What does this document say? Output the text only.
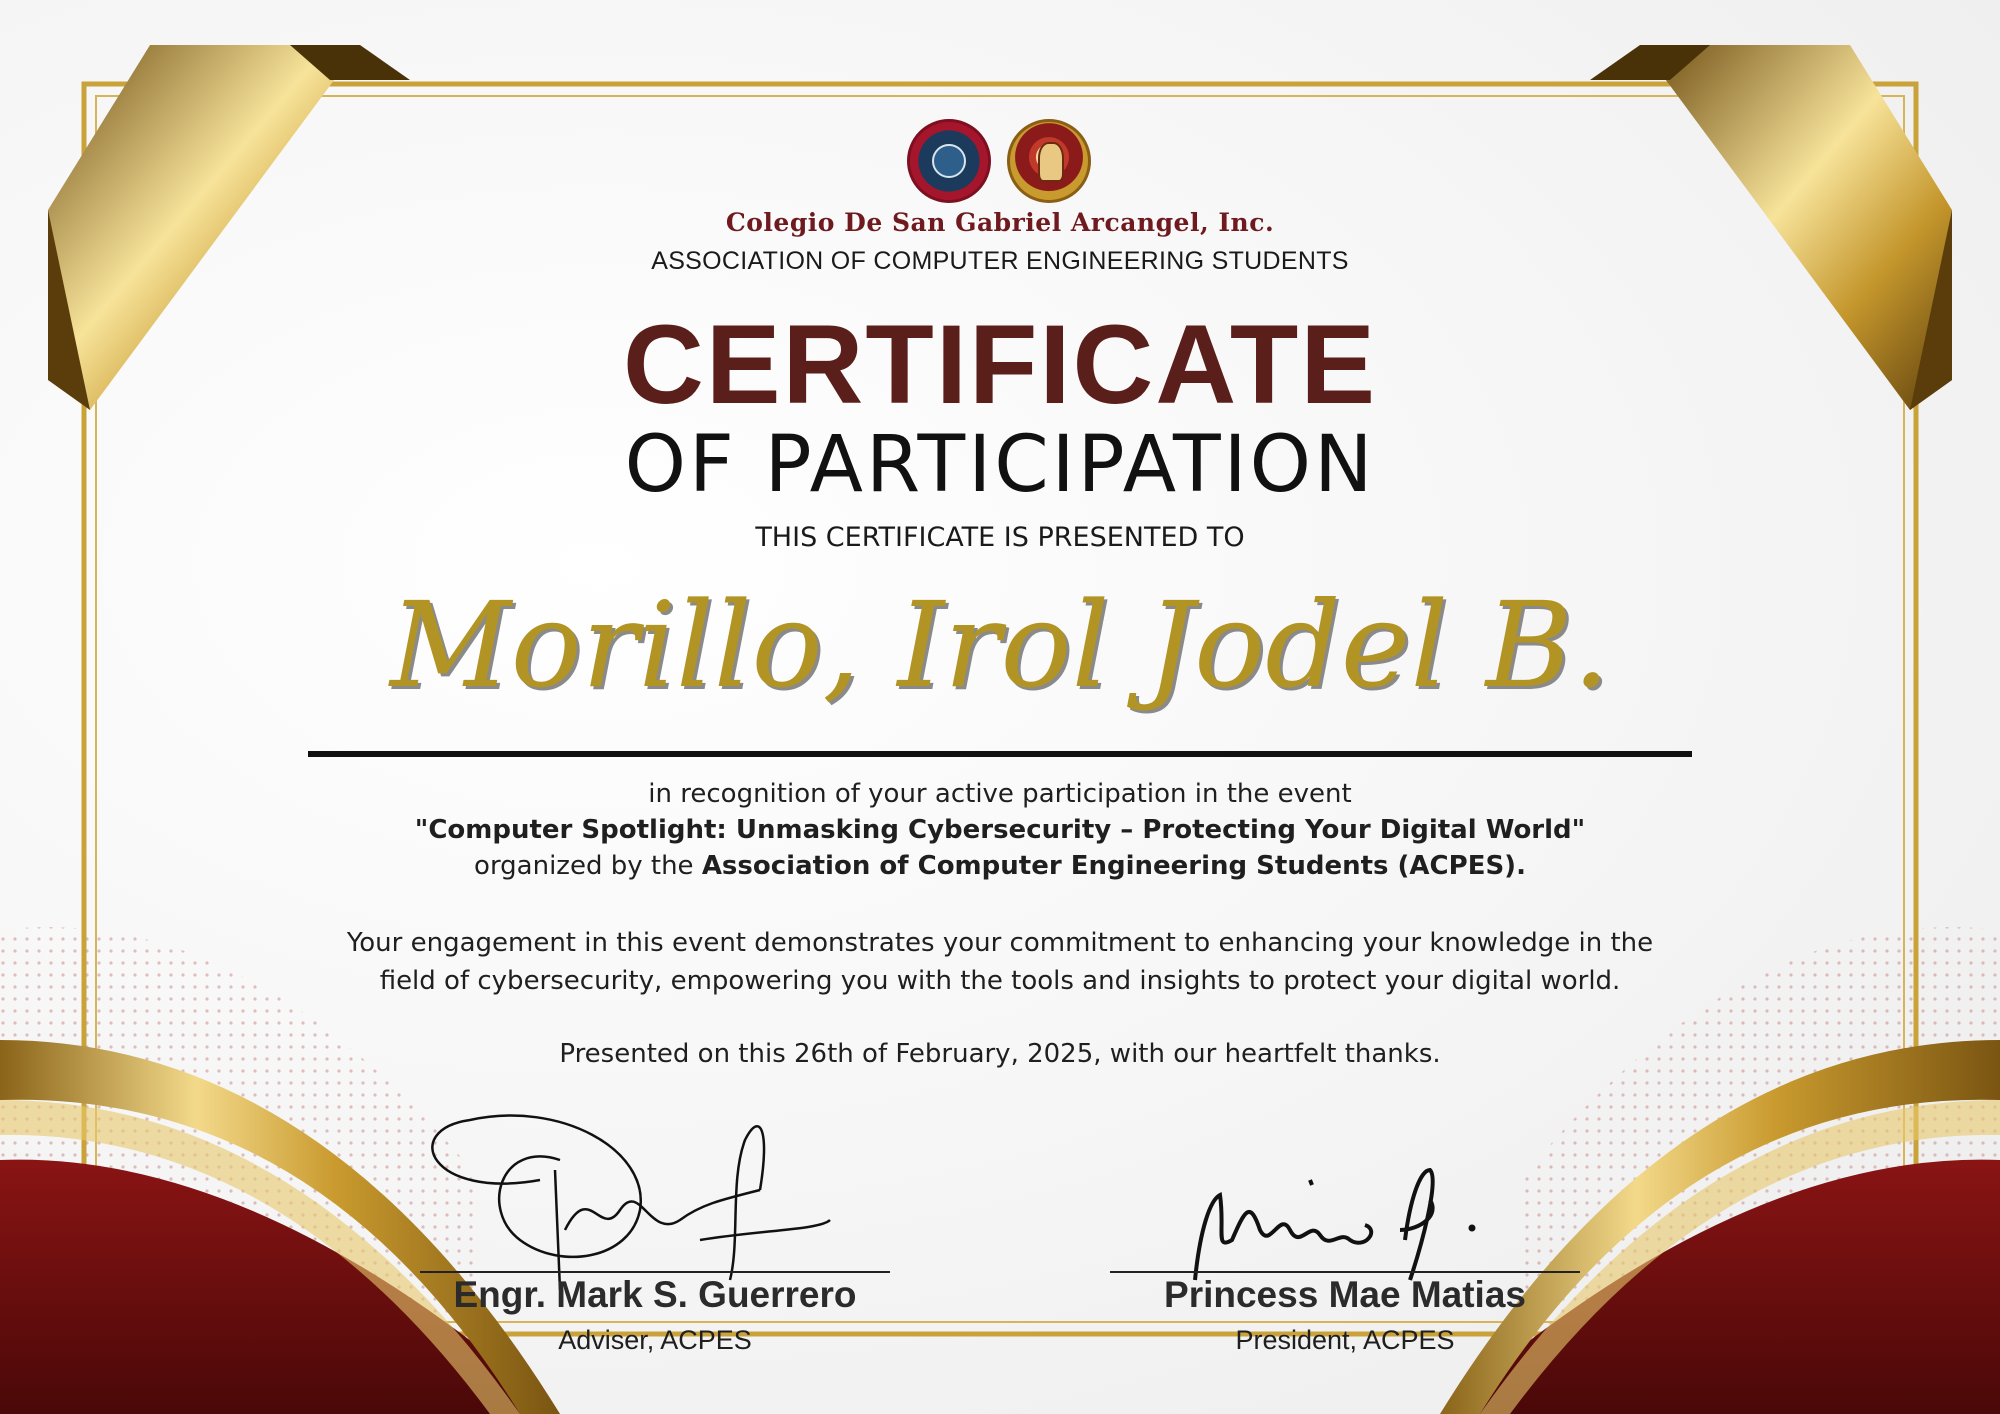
Colegio De San Gabriel Arcangel, Inc.
ASSOCIATION OF COMPUTER ENGINEERING STUDENTS
CERTIFICATE
OF PARTICIPATION
THIS CERTIFICATE IS PRESENTED TO
Morillo, Irol Jodel B.
in recognition of your active participation in the event
"Computer Spotlight: Unmasking Cybersecurity – Protecting Your Digital World"
organized by the Association of Computer Engineering Students (ACPES).
Your engagement in this event demonstrates your commitment to enhancing your knowledge in the
field of cybersecurity, empowering you with the tools and insights to protect your digital world.
Presented on this 26th of February, 2025, with our heartfelt thanks.
Engr. Mark S. Guerrero
Adviser, ACPES
Princess Mae Matias
President, ACPES
